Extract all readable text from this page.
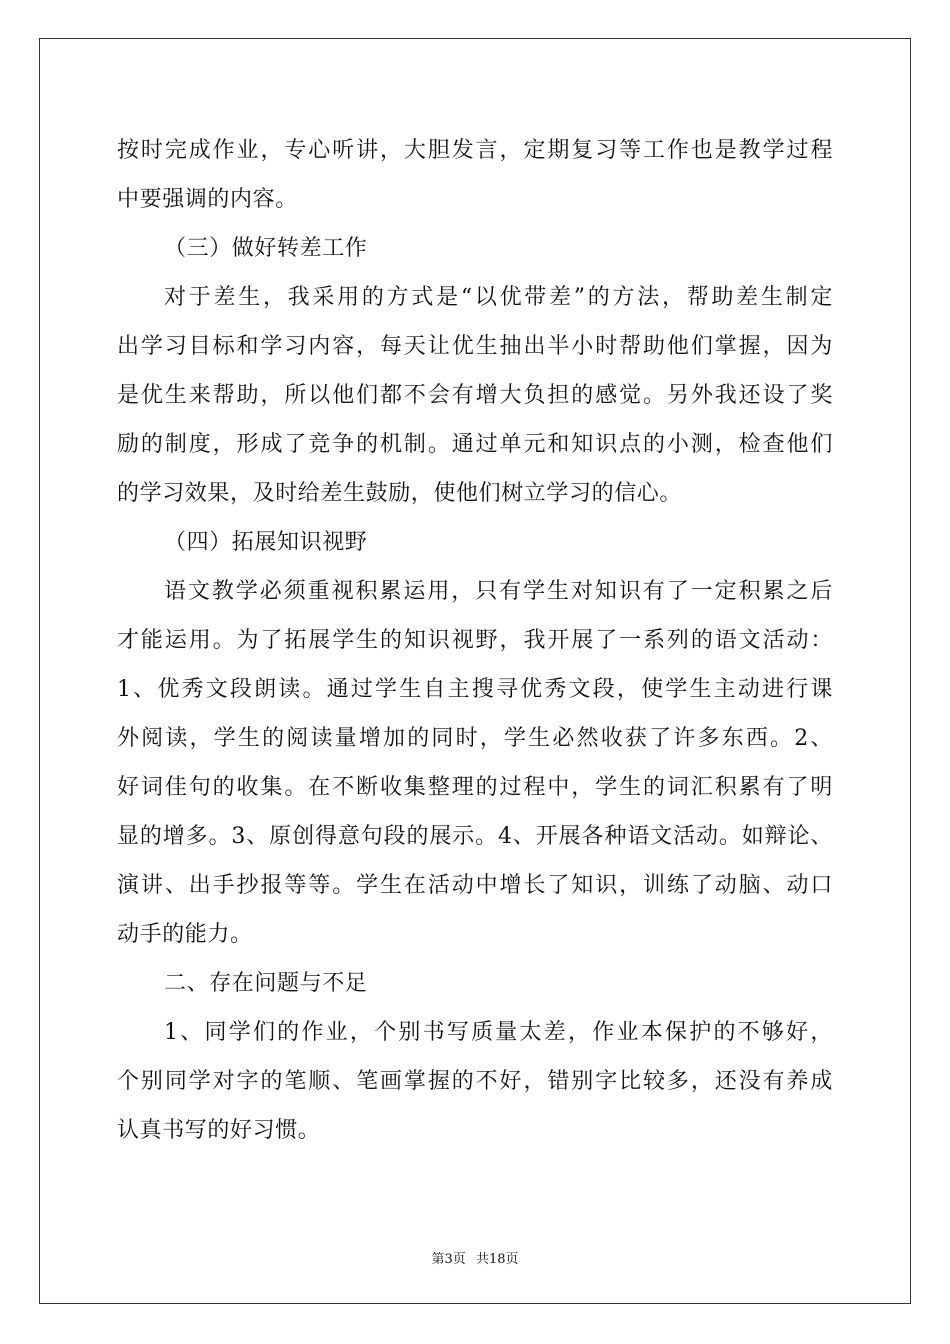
按时完成作业，专心听讲，大胆发言，定期复习等工作也是教学过程
中要强调的内容。
（三）做好转差工作
对于差生，我采用的方式是“以优带差”的方法，帮助差生制定
出学习目标和学习内容，每天让优生抽出半小时帮助他们掌握，因为
是优生来帮助，所以他们都不会有增大负担的感觉。另外我还设了奖
励的制度，形成了竞争的机制。通过单元和知识点的小测，检查他们
的学习效果，及时给差生鼓励，使他们树立学习的信心。
（四）拓展知识视野
语文教学必须重视积累运用，只有学生对知识有了一定积累之后
才能运用。为了拓展学生的知识视野，我开展了一系列的语文活动：
1、优秀文段朗读。通过学生自主搜寻优秀文段，使学生主动进行课
外阅读，学生的阅读量增加的同时，学生必然收获了许多东西。2、
好词佳句的收集。在不断收集整理的过程中，学生的词汇积累有了明
显的增多。3、原创得意句段的展示。4、开展各种语文活动。如辩论、
演讲、出手抄报等等。学生在活动中增长了知识，训练了动脑、动口
动手的能力。
二、存在问题与不足
1、同学们的作业，个别书写质量太差，作业本保护的不够好，
个别同学对字的笔顺、笔画掌握的不好，错别字比较多，还没有养成
认真书写的好习惯。
第3页 共18页
